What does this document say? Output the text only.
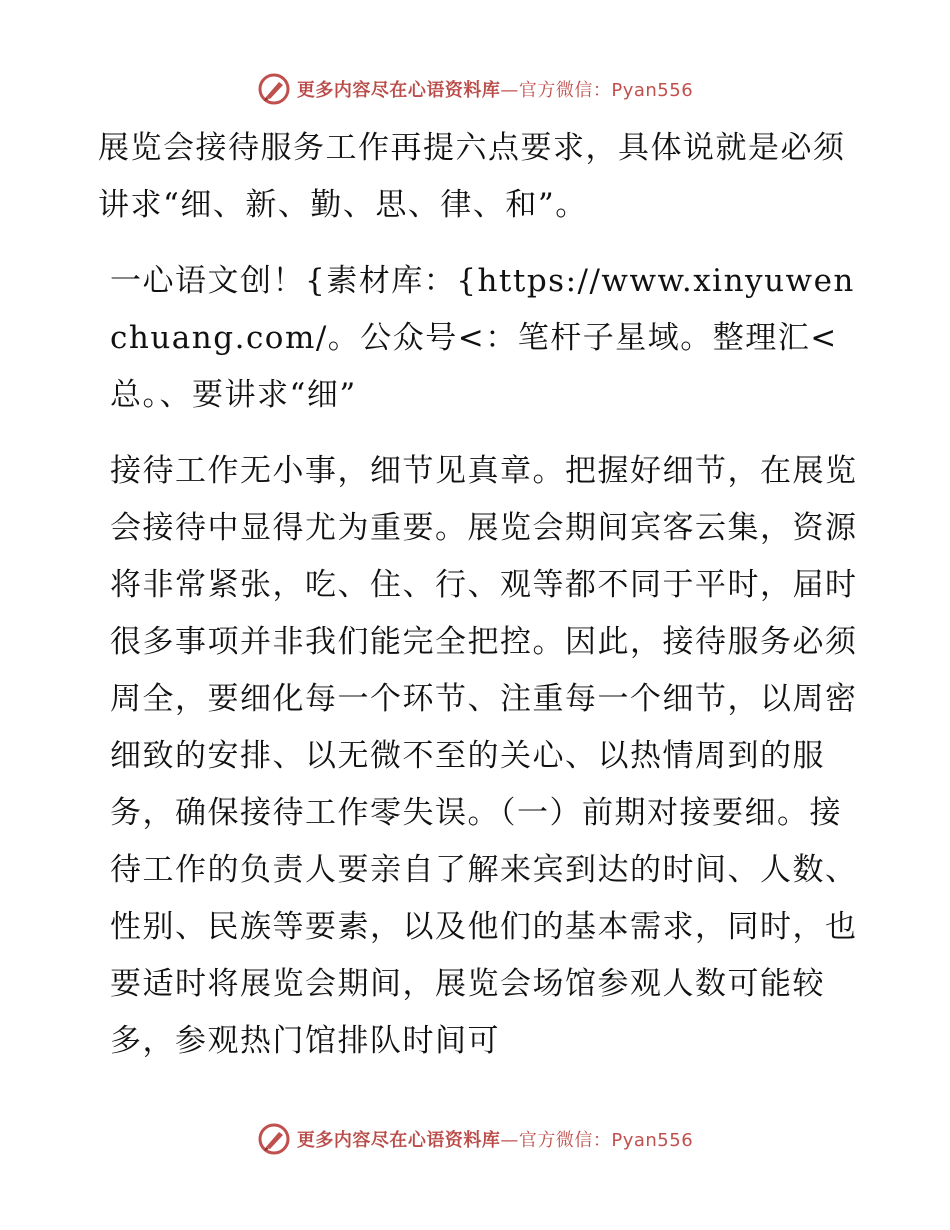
更多内容尽在心语资料库—官方微信：Pyan556

展览会接待服务工作再提六点要求，具体说就是必须讲求“细、新、勤、思、律、和”。

一心语文创！{素材库：{https://www.xinyuwenchuang.com/。公众号<：笔杆子星域。整理汇<总。、要讲求“细”

接待工作无小事，细节见真章。把握好细节，在展览会接待中显得尤为重要。展览会期间宾客云集，资源将非常紧张，吃、住、行、观等都不同于平时，届时很多事项并非我们能完全把控。因此，接待服务必须周全，要细化每一个环节、注重每一个细节，以周密细致的安排、以无微不至的关心、以热情周到的服务，确保接待工作零失误。（一）前期对接要细。接待工作的负责人要亲自了解来宾到达的时间、人数、性别、民族等要素，以及他们的基本需求，同时，也要适时将展览会期间，展览会场馆参观人数可能较多，参观热门馆排队时间可

更多内容尽在心语资料库—官方微信：Pyan556
